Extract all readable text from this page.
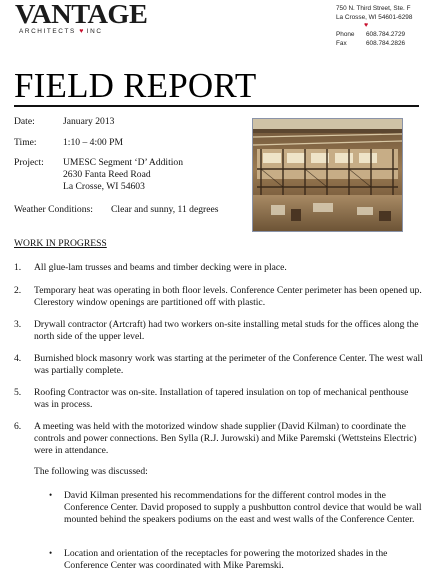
VANTAGE
ARCHITECTS ♥ INC
750 N. Third Street, Ste. F
La Crosse, WI 54601-6298
♥
Phone	608.784.2729
Fax	608.784.2826
FIELD REPORT
Date:	January 2013
Time:	1:10 – 4:00 PM
Project: UMESC Segment ‘D’ Addition
2630 Fanta Reed Road
La Crosse, WI 54603
Weather Conditions: Clear and sunny, 11 degrees
WORK IN PROGRESS
1. All glue-lam trusses and beams and timber decking were in place.
2. Temporary heat was operating in both floor levels. Conference Center perimeter has been opened up. Clerestory window openings are partitioned off with plastic.
3. Drywall contractor (Artcraft) had two workers on-site installing metal studs for the offices along the north side of the upper level.
4. Burnished block masonry work was starting at the perimeter of the Conference Center. The west wall was partially complete.
5. Roofing Contractor was on-site. Installation of tapered insulation on top of mechanical penthouse was in process.
6. A meeting was held with the motorized window shade supplier (David Kilman) to coordinate the controls and power connections. Ben Sylla (R.J. Jurowski) and Mike Paremski (Wettsteins Electric) were in attendance.
The following was discussed:
• David Kilman presented his recommendations for the different control modes in the Conference Center. David proposed to supply a pushbutton control device that would be wall mounted behind the speakers podiums on the east and west walls of the Conference Center.
• Location and orientation of the receptacles for powering the motorized shades in the Conference Center was coordinated with Mike Paremski.
